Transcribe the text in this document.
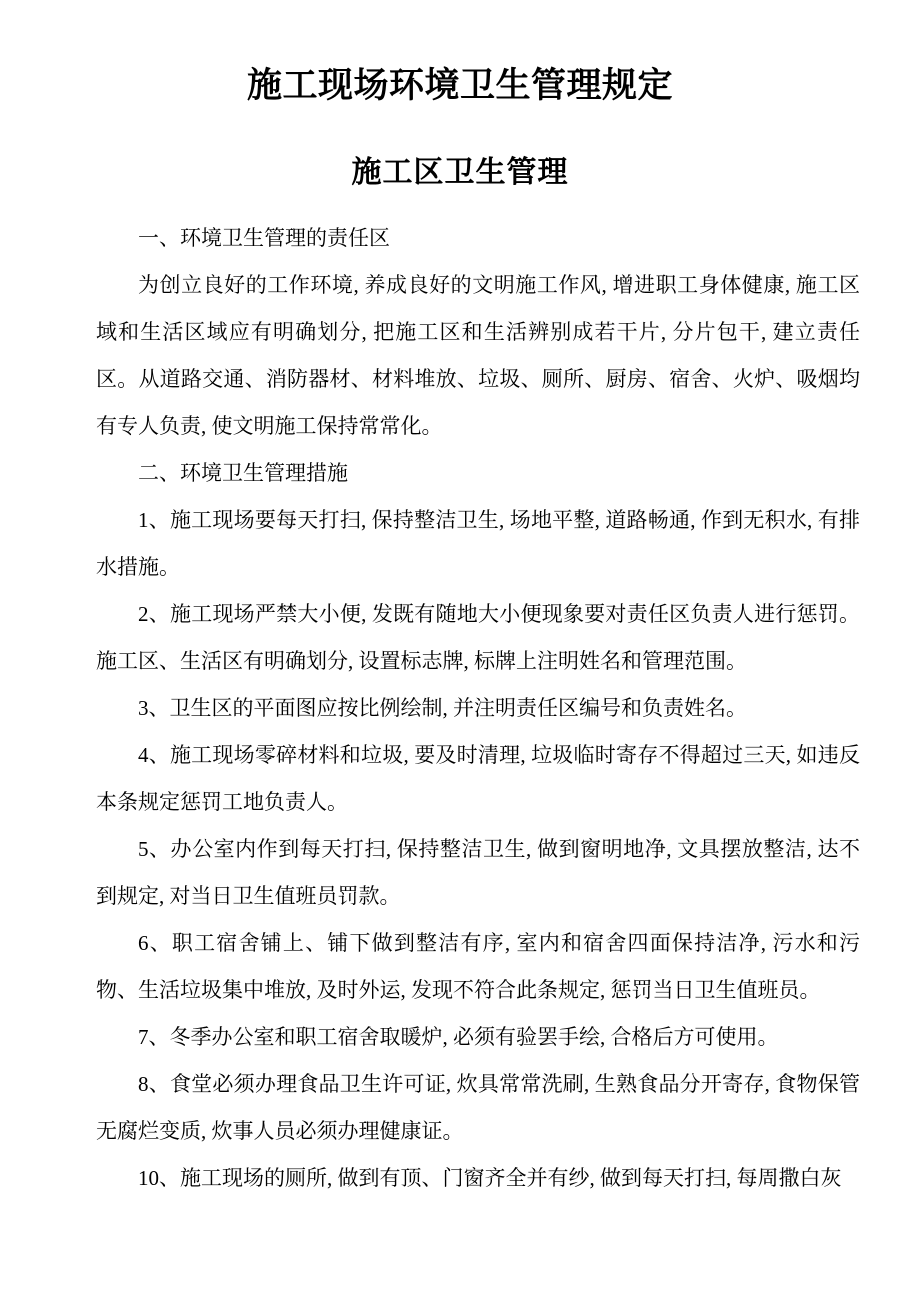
施工现场环境卫生管理规定
施工区卫生管理

一、环境卫生管理的责任区

为创立良好的工作环境, 养成良好的文明施工作风, 增进职工身体健康, 施工区域和生活区域应有明确划分, 把施工区和生活辨别成若干片, 分片包干, 建立责任区。从道路交通、消防器材、材料堆放、垃圾、厕所、厨房、宿舍、火炉、吸烟均有专人负责, 使文明施工保持常常化。

二、环境卫生管理措施

1、施工现场要每天打扫, 保持整洁卫生, 场地平整, 道路畅通, 作到无积水, 有排水措施。

2、施工现场严禁大小便, 发既有随地大小便现象要对责任区负责人进行惩罚。施工区、生活区有明确划分, 设置标志牌, 标牌上注明姓名和管理范围。

3、卫生区的平面图应按比例绘制, 并注明责任区编号和负责姓名。

4、施工现场零碎材料和垃圾, 要及时清理, 垃圾临时寄存不得超过三天, 如违反本条规定惩罚工地负责人。

5、办公室内作到每天打扫, 保持整洁卫生, 做到窗明地净, 文具摆放整洁, 达不到规定, 对当日卫生值班员罚款。

6、职工宿舍铺上、铺下做到整洁有序, 室内和宿舍四面保持洁净, 污水和污物、生活垃圾集中堆放, 及时外运, 发现不符合此条规定, 惩罚当日卫生值班员。

7、冬季办公室和职工宿舍取暖炉, 必须有验罢手绘, 合格后方可使用。

8、食堂必须办理食品卫生许可证, 炊具常常洗刷, 生熟食品分开寄存, 食物保管无腐烂变质, 炊事人员必须办理健康证。

10、施工现场的厕所, 做到有顶、门窗齐全并有纱, 做到每天打扫, 每周撒白灰
